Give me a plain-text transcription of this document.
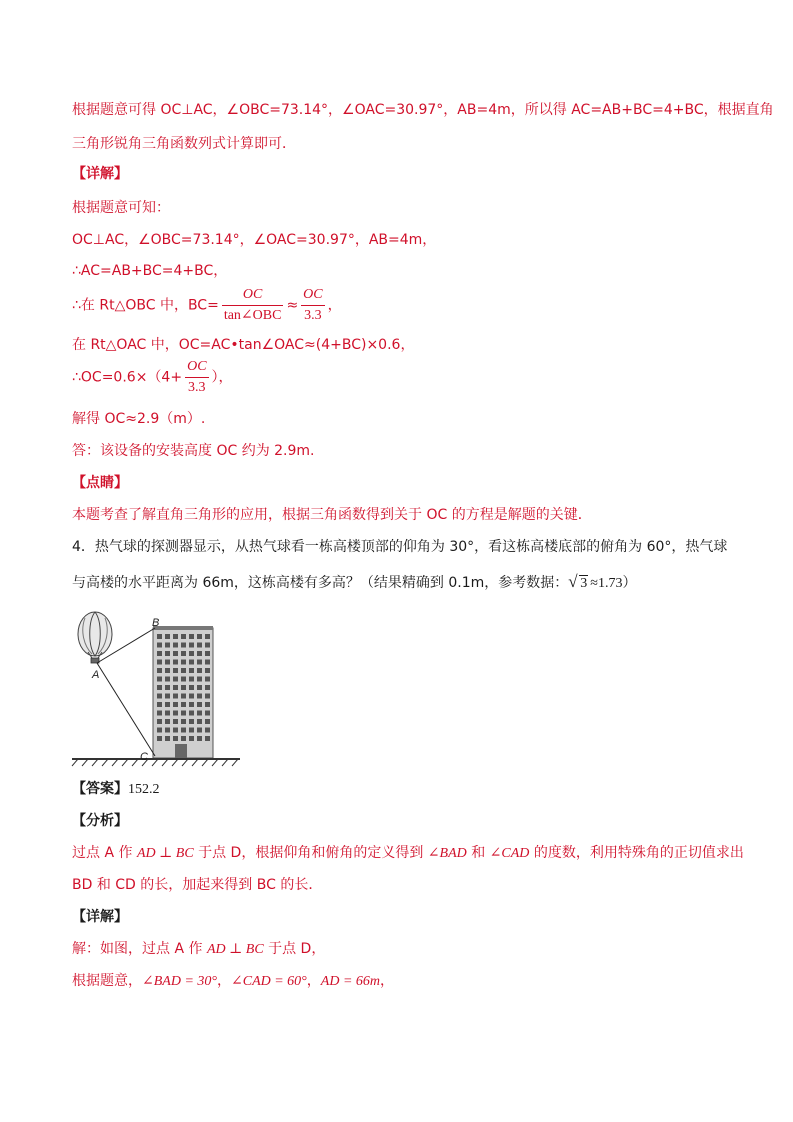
根据题意可得 OC⊥AC，∠OBC=73.14°，∠OAC=30.97°，AB=4m，所以得 AC=AB+BC=4+BC，根据直角
三角形锐角三角函数列式计算即可．
【详解】
根据题意可知：
OC⊥AC，∠OBC=73.14°，∠OAC=30.97°，AB=4m，
∴AC=AB+BC=4+BC，
∴在 Rt△OBC 中，$BC= \frac{OC}{\text{tan∠OBC}} \approx \frac{OC}{3.3}$ ，
在 Rt△OAC 中，OC=AC•tan∠OAC≈(4+BC)×0.6，
∴OC=0.6×（4+ $\frac{OC}{3.3}$ ），
解得 OC≈2.9（m）.
答：该设备的安装高度 OC 约为 2.9m.
【点睛】
本题考查了解直角三角形的应用，根据三角函数得到关于 OC 的方程是解题的关键．
4．热气球的探测器显示，从热气球看一栋高楼顶部的仰角为 30°，看这栋高楼底部的俯角为 60°，热气球
与高楼的水平距离为 66m，这栋高楼有多高？（结果精确到 0.1m，参考数据： √ 3 ≈1.73）
A
B
C
【答案】152.2
【分析】
过点 A 作 AD ⊥ BC 于点 D，根据仰角和俯角的定义得到 ∠BAD 和 ∠CAD 的度数，利用特殊角的正切值求出
BD 和 CD 的长，加起来得到 BC 的长．
【详解】
解：如图，过点 A 作 AD ⊥ BC 于点 D，
根据题意，∠BAD = 30°，∠CAD = 60°，AD = 66m，
